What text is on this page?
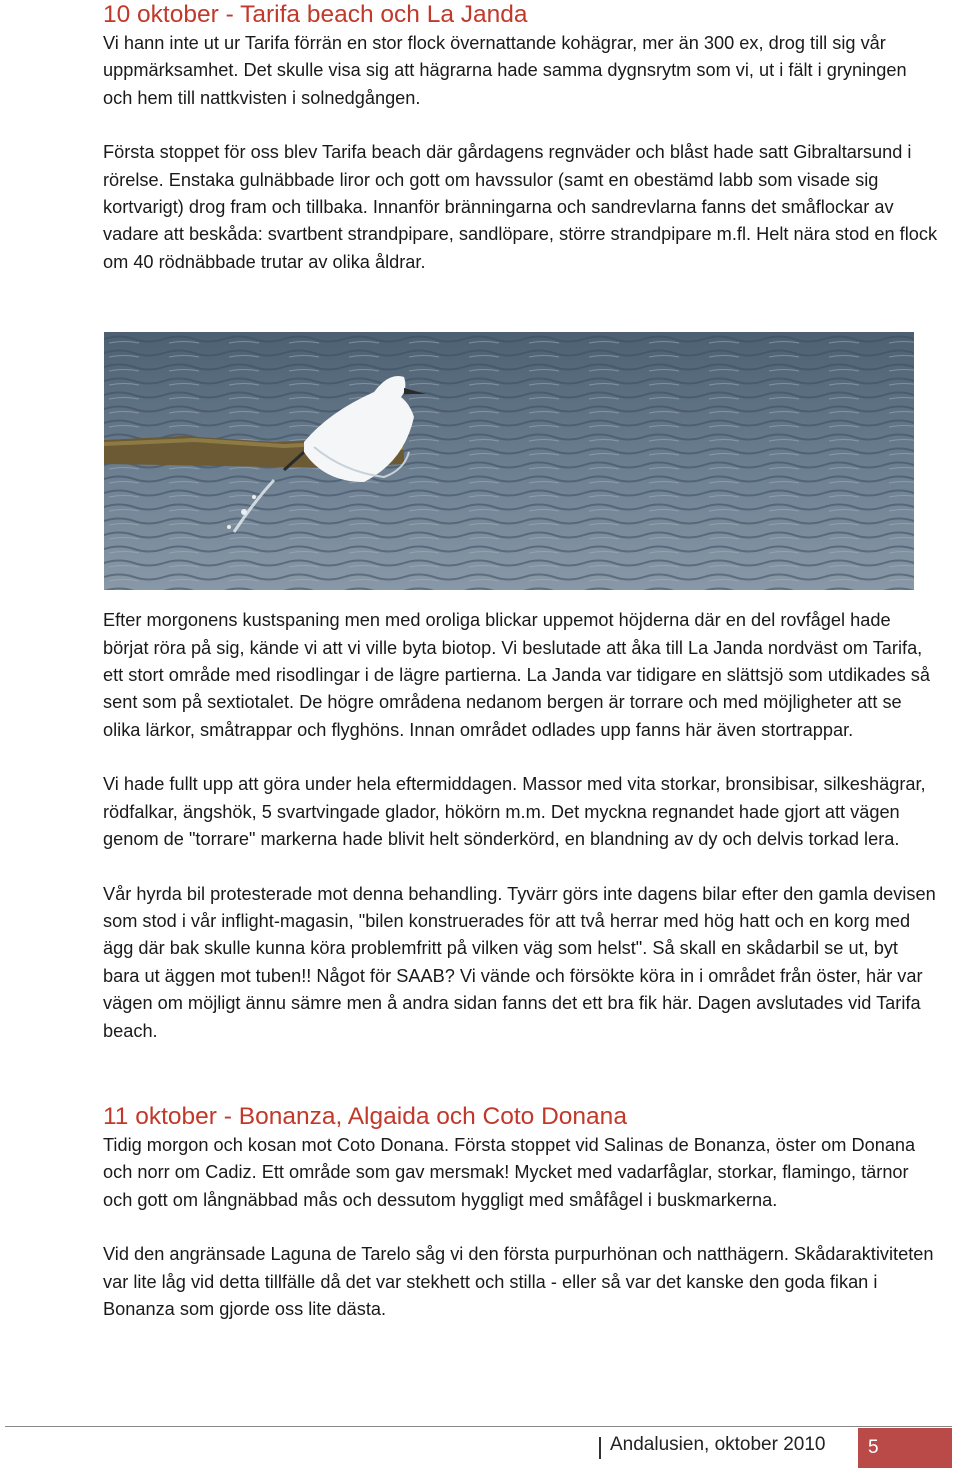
10 oktober - Tarifa beach och La Janda

Vi hann inte ut ur Tarifa förrän en stor flock övernattande kohägrar, mer än 300 ex, drog till sig vår uppmärksamhet. Det skulle visa sig att hägrarna hade samma dygnsrytm som vi, ut i fält i gryningen och hem till nattkvisten i solnedgången.

Första stoppet för oss blev Tarifa beach där gårdagens regnväder och blåst hade satt Gibraltarsund i rörelse. Enstaka gulnäbbade liror och gott om havssulor (samt en obestämd labb som visade sig kortvarigt) drog fram och tillbaka. Innanför bränningarna och sandrevlarna fanns det småflockar av vadare att beskåda: svartbent strandpipare, sandlöpare, större strandpipare m.fl. Helt nära stod en flock om 40 rödnäbbade trutar av olika åldrar.

Efter morgonens kustspaning men med oroliga blickar uppemot höjderna där en del rovfågel hade börjat röra på sig, kände vi att vi ville byta biotop. Vi beslutade att åka till La Janda nordväst om Tarifa, ett stort område med risodlingar i de lägre partierna. La Janda var tidigare en slättsjö som utdikades så sent som på sextiotalet. De högre områdena nedanom bergen är torrare och med möjligheter att se olika lärkor, småtrappar och flyghöns. Innan området odlades upp fanns här även stortrappar.

Vi hade fullt upp att göra under hela eftermiddagen. Massor med vita storkar, bronsibisar, silkeshägrar, rödfalkar, ängshök, 5 svartvingade glador, hökörn m.m. Det myckna regnandet hade gjort att vägen genom de "torrare" markerna hade blivit helt sönderkörd, en blandning av dy och delvis torkad lera.

Vår hyrda bil protesterade mot denna behandling. Tyvärr görs inte dagens bilar efter den gamla devisen som stod i vår inflight-magasin, "bilen konstruerades för att två herrar med hög hatt och en korg med ägg där bak skulle kunna köra problemfritt på vilken väg som helst". Så skall en skådarbil se ut, byt bara ut äggen mot tuben!! Något för SAAB? Vi vände och försökte köra in i området från öster, här var vägen om möjligt ännu sämre men å andra sidan fanns det ett bra fik här. Dagen avslutades vid Tarifa beach.

11 oktober - Bonanza, Algaida och Coto Donana

Tidig morgon och kosan mot Coto Donana. Första stoppet vid Salinas de Bonanza, öster om Donana och norr om Cadiz. Ett område som gav mersmak! Mycket med vadarfåglar, storkar, flamingo, tärnor och gott om långnäbbad mås och dessutom hyggligt med småfågel i buskmarkerna.

Vid den angränsade Laguna de Tarelo såg vi den första purpurhönan och natthägern. Skådaraktiviteten var lite låg vid detta tillfälle då det var stekhett och stilla - eller så var det kanske den goda fikan i Bonanza som gjorde oss lite dästa.

Andalusien, oktober 2010	5
